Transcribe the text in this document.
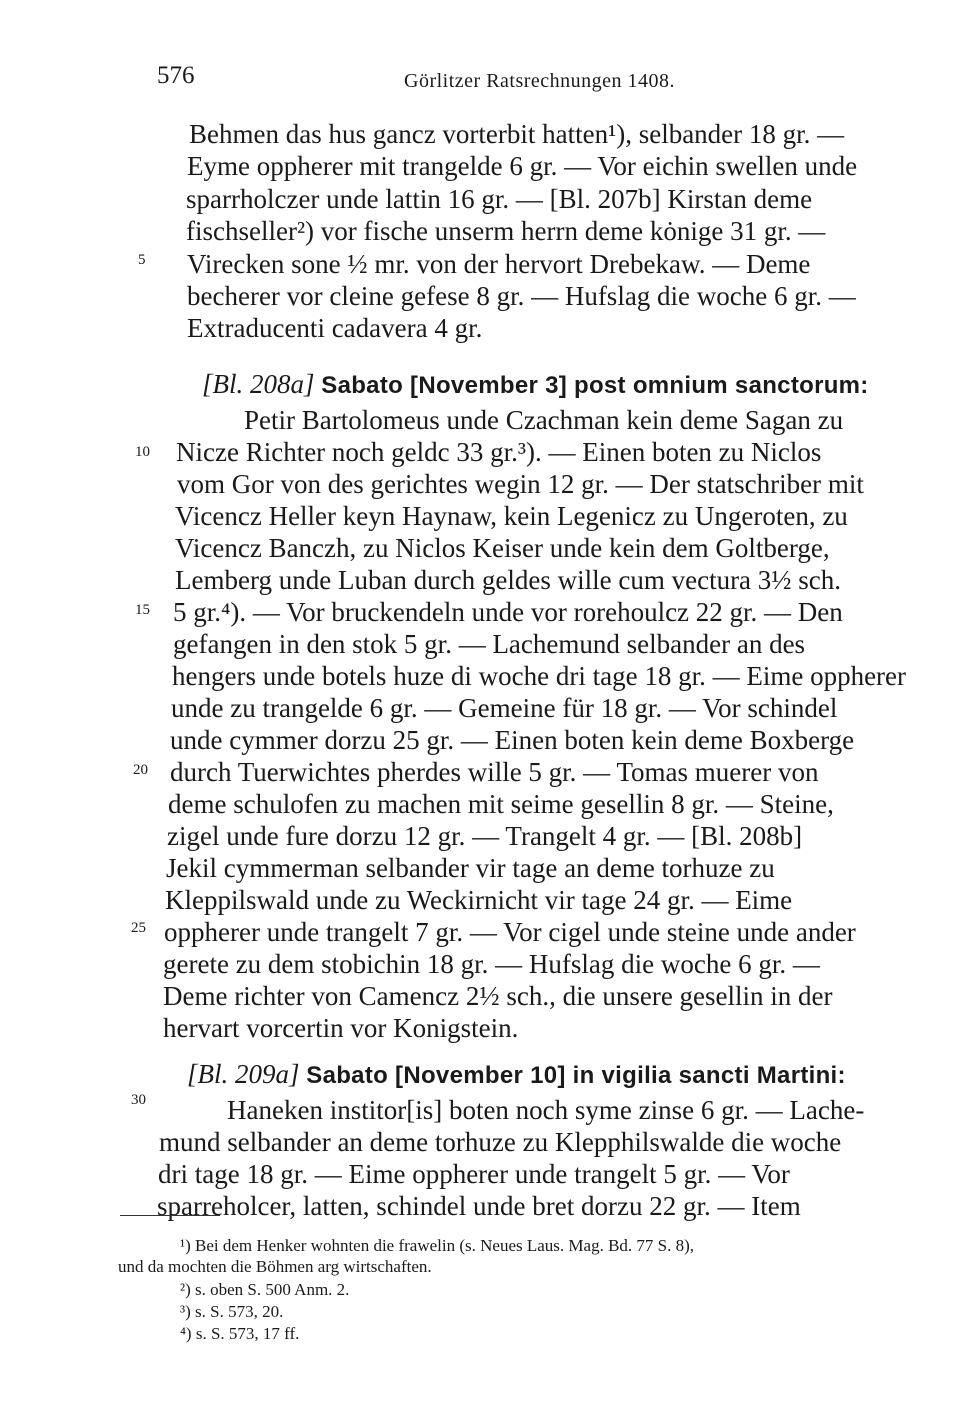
576	Görlitzer Ratsrechnungen 1408.
Behmen das hus gancz vorterbit hatten¹), selbander 18 gr. —
Eyme oppherer mit trangelde 6 gr. — Vor eichin swellen unde
sparrholczer unde lattin 16 gr. — [Bl. 207b] Kirstan deme
fischseller²) vor fische unserm herrn deme kȯnige 31 gr. —
Virecken sone ½ mr. von der hervort Drebekaw. — Deme
becherer vor cleine gefese 8 gr. — Hufslag die woche 6 gr. —
Extraducenti cadavera 4 gr.
[Bl. 208a] Sabato [November 3] post omnium sanctorum:
Petir Bartolomeus unde Czachman kein deme Sagan zu
Nicze Richter noch geldc 33 gr.³). — Einen boten zu Niclos
vom Gor von des gerichtes wegin 12 gr. — Der statschriber mit
Vicencz Heller keyn Haynaw, kein Legenicz zu Ungeroten, zu
Vicencz Banczh, zu Niclos Keiser unde kein dem Goltberge,
Lemberg unde Luban durch geldes wille cum vectura 3½ sch.
5 gr.⁴). — Vor bruckendeln unde vor rorehoulcz 22 gr. — Den
gefangen in den stok 5 gr. — Lachemund selbander an des
hengers unde botels huze di woche dri tage 18 gr. — Eime oppherer
unde zu trangelde 6 gr. — Gemeine für 18 gr. — Vor schindel
unde cymmer dorzu 25 gr. — Einen boten kein deme Boxberge
durch Tuerwichtes pherdes wille 5 gr. — Tomas muerer von
deme schulofen zu machen mit seime gesellin 8 gr. — Steine,
zigel unde fure dorzu 12 gr. — Trangelt 4 gr. — [Bl. 208b]
Jekil cymmerman selbander vir tage an deme torhuze zu
Kleppilswald unde zu Weckirnicht vir tage 24 gr. — Eime
oppherer unde trangelt 7 gr. — Vor cigel unde steine unde ander
gerete zu dem stobichin 18 gr. — Hufslag die woche 6 gr. —
Deme richter von Camencz 2½ sch., die unsere gesellin in der
hervart vorcertin vor Konigstein.
[Bl. 209a] Sabato [November 10] in vigilia sancti Martini:
Haneken institor[is] boten noch syme zinse 6 gr. — Lache-
mund selbander an deme torhuze zu Klepphilswalde die woche
dri tage 18 gr. — Eime oppherer unde trangelt 5 gr. — Vor
sparreholcer, latten, schindel unde bret dorzu 22 gr. — Item
5
10
15
20
25
30
¹) Bei dem Henker wohnten die frawelin (s. Neues Laus. Mag. Bd. 77 S. 8),
und da mochten die Böhmen arg wirtschaften.
²) s. oben S. 500 Anm. 2.
³) s. S. 573, 20.
⁴) s. S. 573, 17 ff.
